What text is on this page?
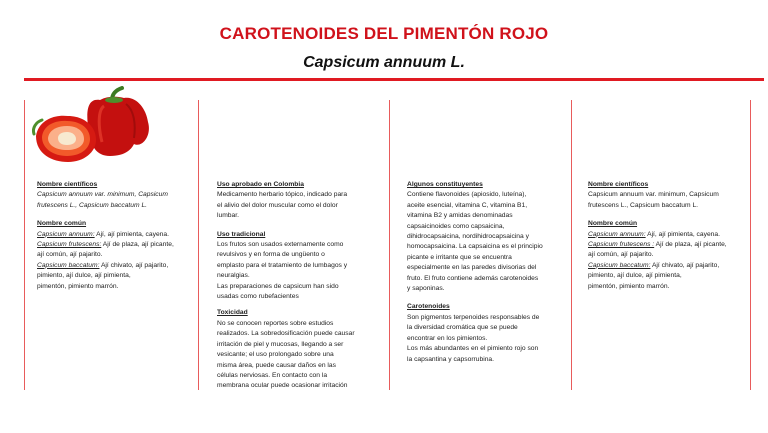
CAROTENOIDES DEL PIMENTÓN ROJO
Capsicum annuum L.

Nombre científicos

Capsicum annuum var. minimum, Capsicum

frutescens L., Capsicum baccatum L.

Nombre común

Capsicum annuum: Ají, ají pimienta, cayena.

Capsicum frutescens: Ají de plaza, ají picante,

ají común, ají pajarito.

Capsicum baccatum: Ají chivato, ají pajarito,

pimiento, ají dulce, ají pimienta,

pimentón, pimiento marrón.

Uso aprobado en Colombia

Medicamento herbario tópico, indicado para

el alivio del dolor muscular como el dolor

lumbar.

Uso tradicional

Los frutos son usados externamente como

revulsivos y en forma de ungüento o

emplasto para el tratamiento de lumbagos y

neuralgias.

Las preparaciones de capsicum han sido

usadas como rubefacientes

Toxicidad

No se conocen reportes sobre estudios

realizados. La sobredosificación puede causar

irritación de piel y mucosas, llegando a ser

vesicante; el uso prolongado sobre una

misma área, puede causar daños en las

células nerviosas. En contacto con la

membrana ocular puede ocasionar irritación

Algunos constituyentes

Contiene flavonoides (apiosido, luteína),

aceite esencial, vitamina C, vitamina B1,

vitamina B2 y amidas denominadas

capsaicinoides como capsaicina,

dihidrocapsaicina, nordihidrocapsaicina y

homocapsaicina. La capsaicina es el principio

picante e irritante que se encuentra

especialmente en las paredes divisorias del

fruto. El fruto contiene además carotenoides

y saponinas.

Carotenoides

Son pigmentos terpenoides responsables de

la diversidad cromática que se puede

encontrar en los pimientos.

Los más abundantes en el pimiento rojo son

la capsantina y capsorrubina.

Nombre científicos

Capsicum annuum var. minimum, Capsicum

frutescens L., Capsicum baccatum L.

Nombre común

Capsicum annuum: Ají, ají pimienta, cayena.

Capsicum frutescens : Ají de plaza, ají picante,

ají común, ají pajarito.

Capsicum baccatum: Ají chivato, ají pajarito,

pimiento, ají dulce, ají pimienta,

pimentón, pimiento marrón.
